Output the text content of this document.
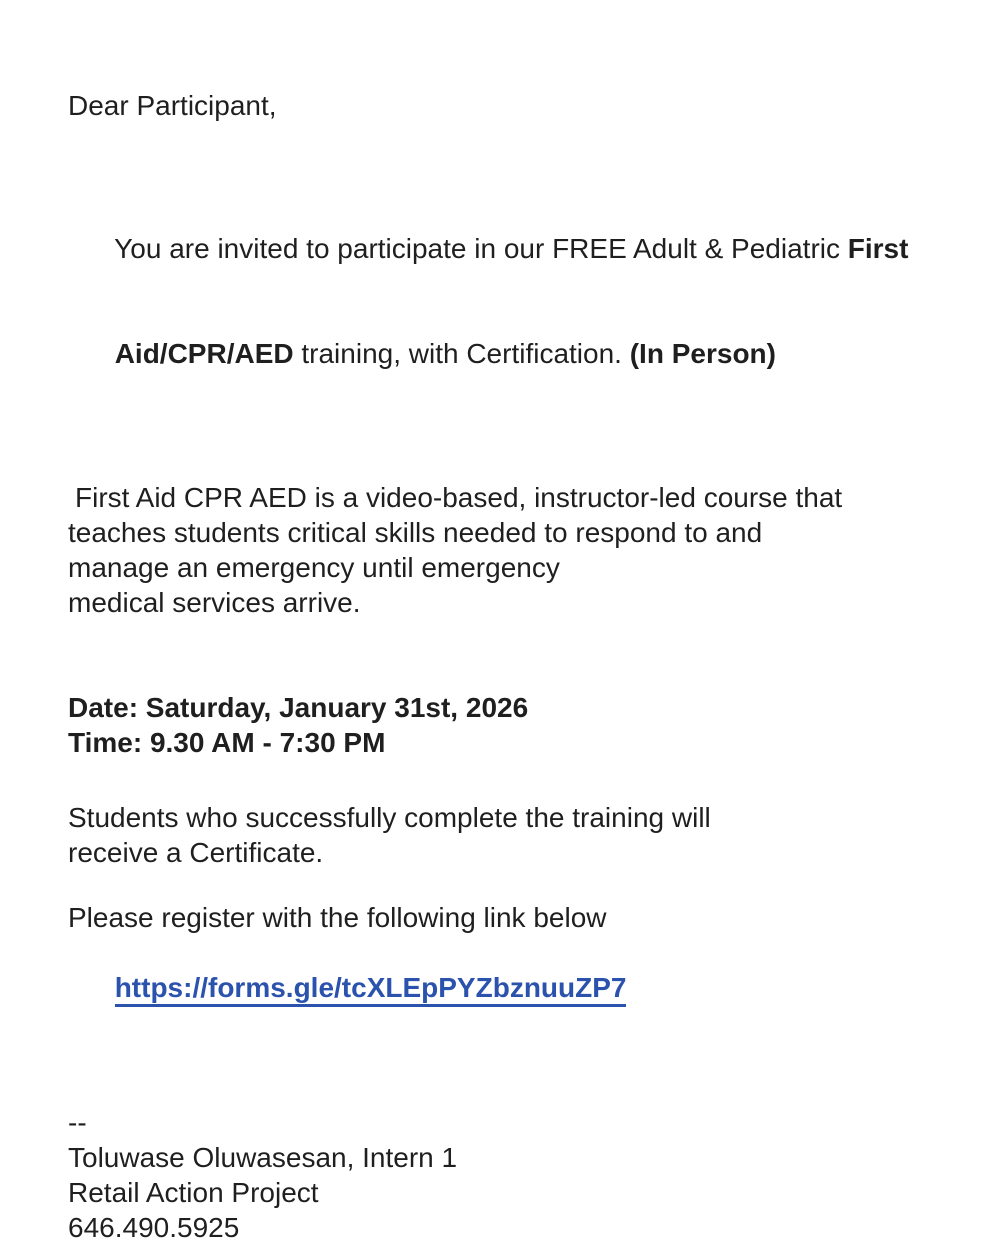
Dear Participant,

You are invited to participate in our FREE Adult & Pediatric First

Aid/CPR/AED training, with Certification. (In Person)

First Aid CPR AED is a video-based, instructor-led course that
teaches students critical skills needed to respond to and
manage an emergency until emergency
medical services arrive.
Date: Saturday, January 31st, 2026
Time: 9.30 AM - 7:30 PM
Students who successfully complete the training will
receive a Certificate.
Please register with the following link below

https://forms.gle/tcXLEpPYZbznuuZP7

--
Toluwase Oluwasesan, Intern 1
Retail Action Project
646.490.5925
